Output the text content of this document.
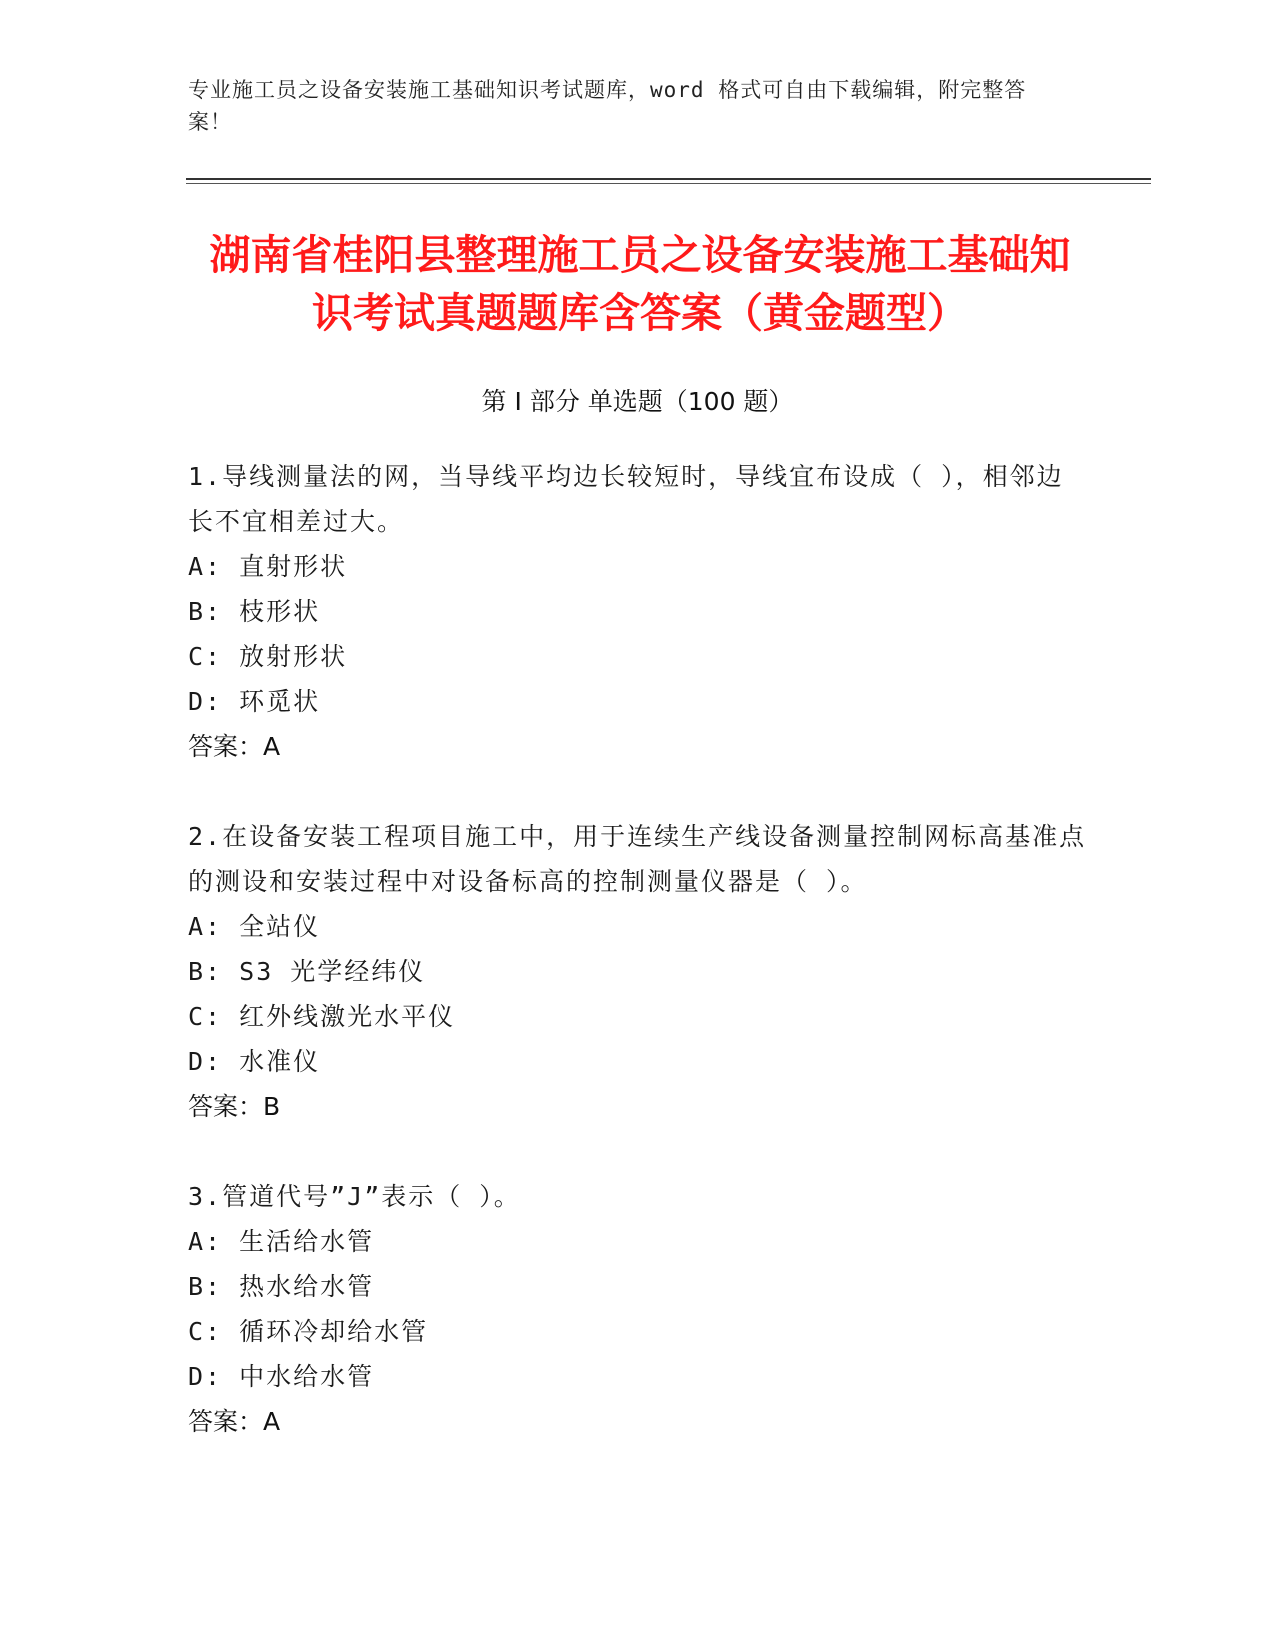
专业施工员之设备安装施工基础知识考试题库，word 格式可自由下载编辑，附完整答案！
湖南省桂阳县整理施工员之设备安装施工基础知识考试真题题库含答案（黄金题型）
第 I 部分 单选题（100 题）
1.导线测量法的网，当导线平均边长较短时，导线宜布设成（ ），相邻边长不宜相差过大。
A: 直射形状
B: 枝形状
C: 放射形状
D: 环觅状
答案：A
2.在设备安装工程项目施工中，用于连续生产线设备测量控制网标高基准点的测设和安装过程中对设备标高的控制测量仪器是（ ）。
A: 全站仪
B: S3 光学经纬仪
C: 红外线激光水平仪
D: 水准仪
答案：B
3.管道代号”J”表示（ ）。
A: 生活给水管
B: 热水给水管
C: 循环冷却给水管
D: 中水给水管
答案：A
